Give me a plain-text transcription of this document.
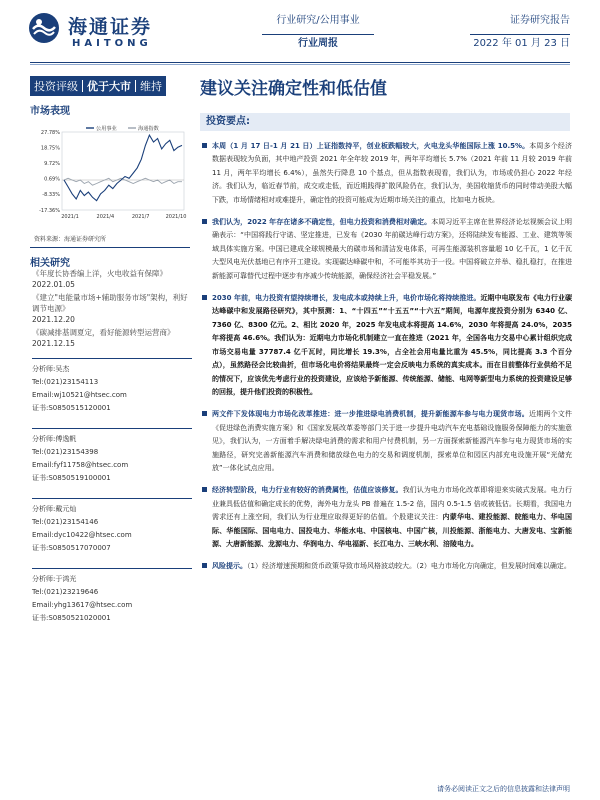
海通证券
HAITONG
行业研究/公用事业
行业周报
证券研究报告
2022 年 01 月 23 日
投资评级 优于大市 维持 建议关注确定性和低估值
市场表现
公用事业	海通指数
27.78%
18.75%
9.72%
0.69%
-8.33%
-17.36%
2021/1	2021/4	2021/7	2021/10
资料来源：海通证券研究所
相关研究
《年度长协香编上洋，火电收益有保障》
2022.01.05
《建立"电能量市场+辅助服务市场"架构，利好调节电源》
2021.12.20
《碳减排基调夏定，看好能源转型运营商》
2021.12.15
分析师:吴杰
Tel:(021)23154113
Email:wj10521@htsec.com
证书:S0850515120001
分析师:傅逸帆
Tel:(021)23154398
Email:fyf11758@htsec.com
证书:S0850519100001
分析师:戴元灿
Tel:(021)23154146
Email:dyc10422@htsec.com
证书:S0850517070007
分析师:于鸿光
Tel:(021)23219646
Email:yhg13617@htsec.com
证书:S0850521020001
投资要点:

本周（1 月 17 日-1 月 21 日）上证指数持平，创业板跌幅较大，火电龙头华能国际上涨 10.5%。本周多个经济数据表现较为负面，其中地产投资 2021 年全年较 2019 年，两年平均增长 5.7%（2021 年前 11 月较 2019 年前 11 月，两年平均增长 6.4%），虽然失行降息 10 个基点，但从指数表现看，我们认为，市场或仍担心 2022 年经济。我们认为，临近春节前，成交或走低，而近期践得扩散风险仍在，我们认为，美国收缩货币的同时带动美股大幅下跌，市场情绪相对或难提升，确定性的投资可能成为近期市场关注的重点，比如电力板块。

我们认为，2022 年存在诸多不确定性，但电力投资和消费相对确定。本周习近平主席在世界经济论坛视频会议上明确表示：“中国将践行守诺、坚定推进，已发布《2030 年前碳达峰行动方案》，还将陆续发布能源、工业、建筑等领域具体实施方案。中国已建成全球规模最大的碳市场和清洁发电体系，可再生能源装机容量超 10 亿千瓦，1 亿千瓦大型风电光伏基地已有序开工建设。实现碳达峰碳中和，不可能毕其功于一役。中国将破立并举、稳扎稳打，在推进新能源可靠替代过程中逐步有序减少传统能源，确保经济社会平稳发展。”

2030 年前，电力投资有望持续增长，发电成本或持续上升，电价市场化将持续推进。近期中电联发布《电力行业碳达峰碳中和发展路径研究》，其中预测：1、“十四五”“十五五”“十六五”期间，电源年度投资分别为 6340 亿、7360 亿、8300 亿元。2、相比 2020 年，2025 年发电成本将提高 14.6%，2030 年将提高 24.0%，2035 年将提高 46.6%。我们认为：近期电力市场化机制建立一直在推进（2021 年，全国各电力交易中心累计组织完成市场交易电量 37787.4 亿千瓦时，同比增长 19.3%，占全社会用电量比重为 45.5%，同比提高 3.3 个百分点），虽然路径会比较曲折，但市场化电价将结果最终一定会反映电力系统的真实成本。而在目前整体行业供给不足的情况下，应该优先考虑行业的投资建设，应该给予新能源、传统能源、储能、电网等新型电力系统的投资建设足够的回报，提升他们投资的积极性。

两文件下发体现电力市场化改革推进：进一步推进绿电消费机制，提升新能源车参与电力现货市场。近期两个文件《促进绿色消费实施方案》和《国家发展改革委等部门关于进一步提升电动汽车充电基础设施服务保障能力的实施意见》，我们认为，一方面着手解决绿电消费的需求和用户付费机制，另一方面探索新能源汽车参与电力现货市场的实施路径，研究完善新能源汽车消费和储放绿色电力的交易和调度机制，探索单位和园区内部充电设施开展“光储充放”一体化试点应用。

经济转型阶段，电力行业有较好的消费属性，估值应该修复。我们认为电力市场化改革即将迎来实破式发展。电力行业兼具低估值和确定成长的优势，海外电力龙头 PB 普遍在 1.5-2 倍，国内 0.5-1.5 倍或被低估。长期看，我国电力需求还有上涨空间，我们认为行业理应取得更好的估值。个股建议关注：内蒙华电、建投能源、皖能电力、华电国际、华能国际、国电电力、国投电力、华能水电、中国核电、中国广核，川投能源、浙能电力、大唐发电、宝新能源、大唐新能源、龙源电力、华润电力、华电福新、长江电力、三峡水利、涪陵电力。

风险提示。（1）经济增速预期和货币政策导致市场风格波动较大。（2）电力市场化方向确定，但发展时间难以确定。

请务必阅读正文之后的信息披露和法律声明
